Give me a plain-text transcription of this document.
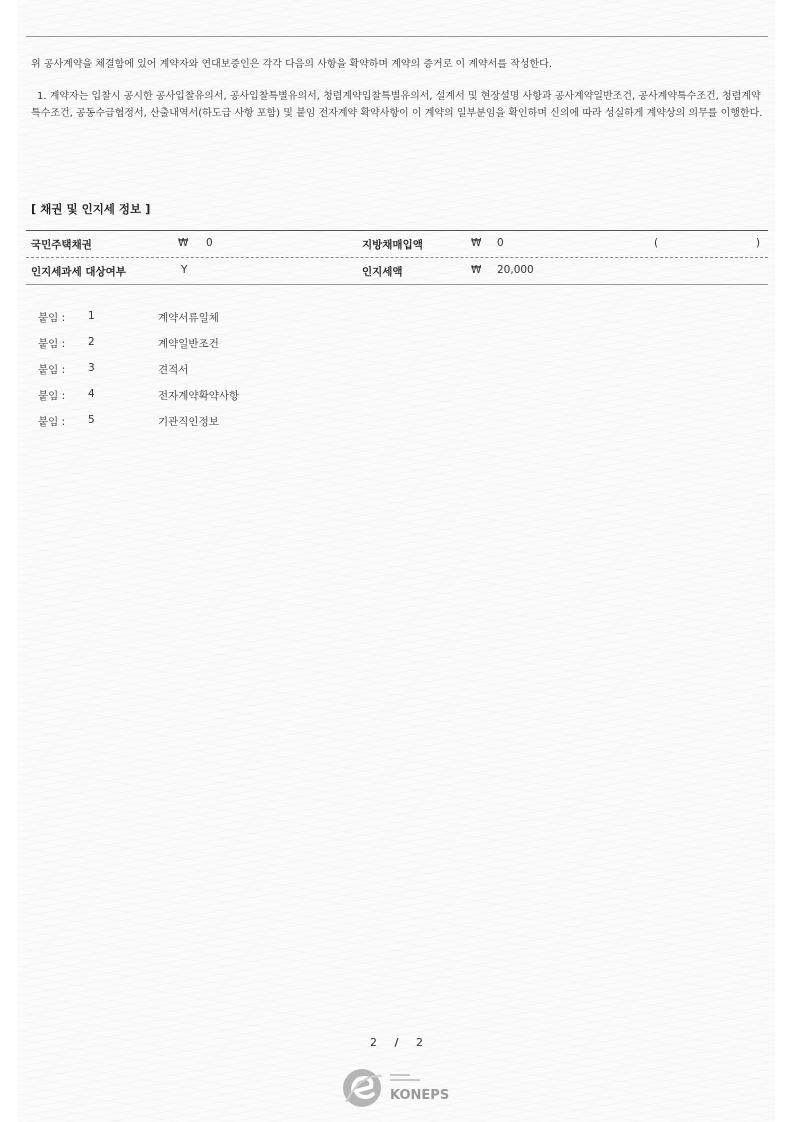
위 공사계약을 체결함에 있어 계약자와 연대보증인은 각각 다음의 사항을 확약하며 계약의 증거로 이 계약서를 작성한다.

1. 계약자는 입찰시 공시한 공사입찰유의서, 공사입찰특별유의서, 청렴계약입찰특별유의서, 설계서 및 현장설명 사항과 공사계약일반조건, 공사계약특수조건, 청렴계약특수조건, 공동수급협정서, 산출내역서(하도급 사항 포함) 및 붙임 전자계약 확약사항이 이 계약의 일부분임을 확인하며 신의에 따라 성실하게 계약상의 의무를 이행한다.

[ 채권 및 인지세 정보 ]
국민주택채권	₩ 0	지방채매입액	₩ 0	(	)
인지세과세 대상여부	Y	인지세액	₩ 20,000
붙임 : 1	계약서류일체
붙임 : 2	계약일반조건
붙임 : 3	견적서
붙임 : 4	전자계약확약사항
붙임 : 5	기관직인정보
2 / 2
KONEPS
